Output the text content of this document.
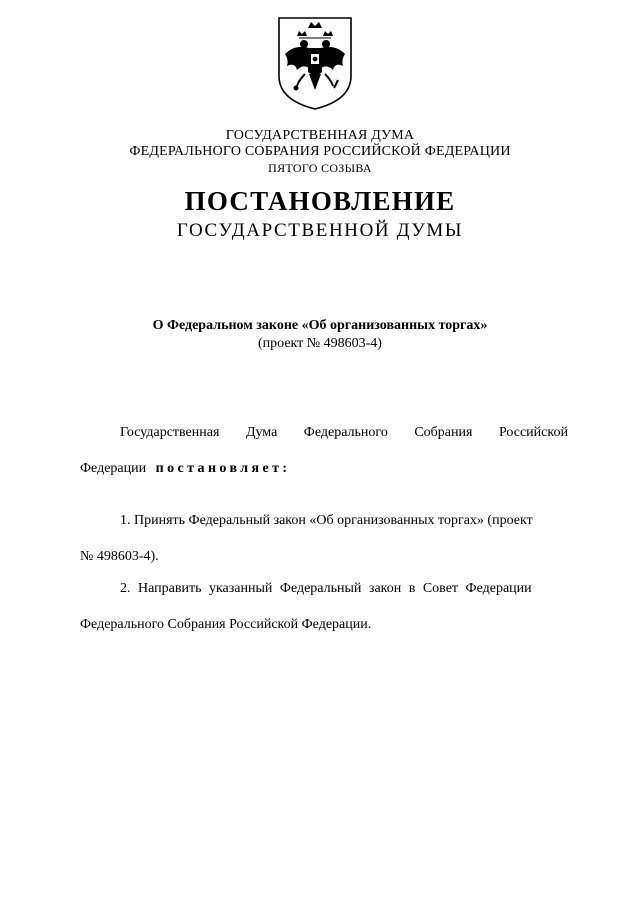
ГОСУДАРСТВЕННАЯ ДУМА
ФЕДЕРАЛЬНОГО СОБРАНИЯ РОССИЙСКОЙ ФЕДЕРАЦИИ
ПЯТОГО СОЗЫВА
ПОСТАНОВЛЕНИЕ
ГОСУДАРСТВЕННОЙ ДУМЫ
О Федеральном законе «Об организованных торгах»
(проект № 498603-4)
Государственная Дума Федерального Собрания Российской
Федерации постановляет:
1. Принять Федеральный закон «Об организованных торгах» (проект
№ 498603-4).
2. Направить указанный Федеральный закон в Совет Федерации
Федерального Собрания Российской Федерации.
